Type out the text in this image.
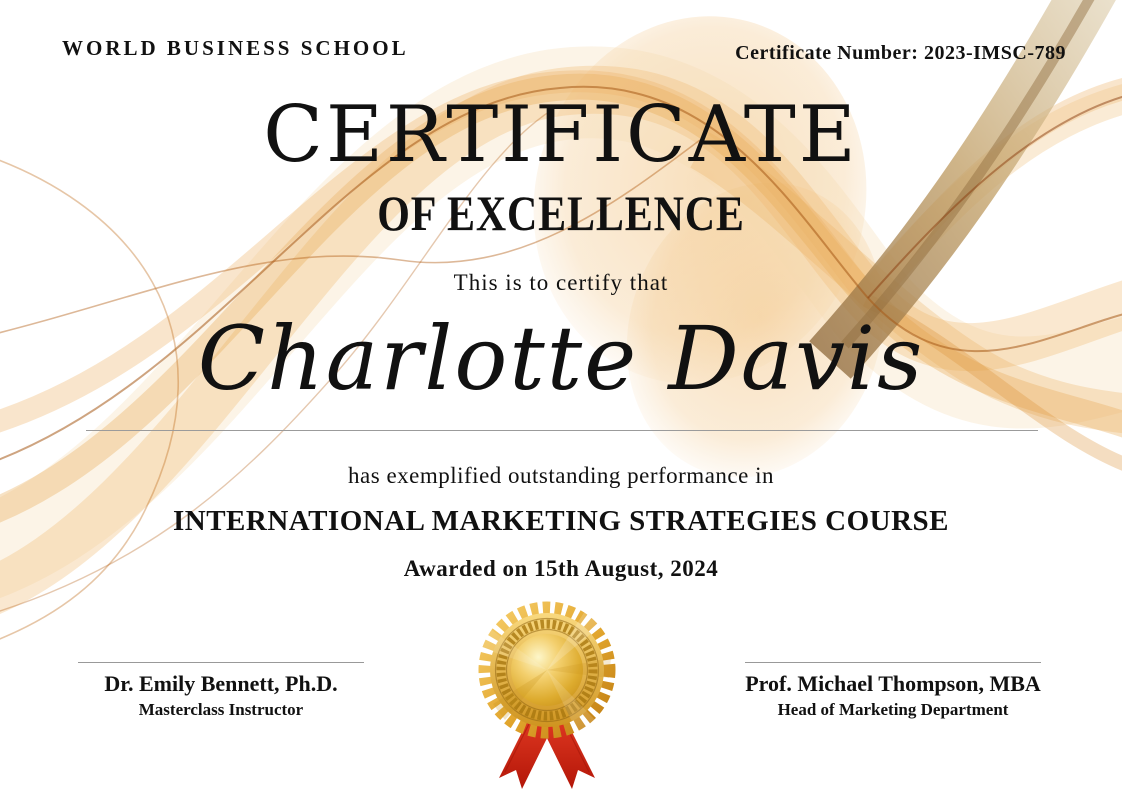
WORLD BUSINESS SCHOOL	Certificate Number: 2023-IMSC-789
CERTIFICATE
OF EXCELLENCE
This is to certify that
Charlotte Davis
has exemplified outstanding performance in
INTERNATIONAL MARKETING STRATEGIES COURSE
Awarded on 15th August, 2024
Dr. Emily Bennett, Ph.D.
Masterclass Instructor
Prof. Michael Thompson, MBA
Head of Marketing Department
